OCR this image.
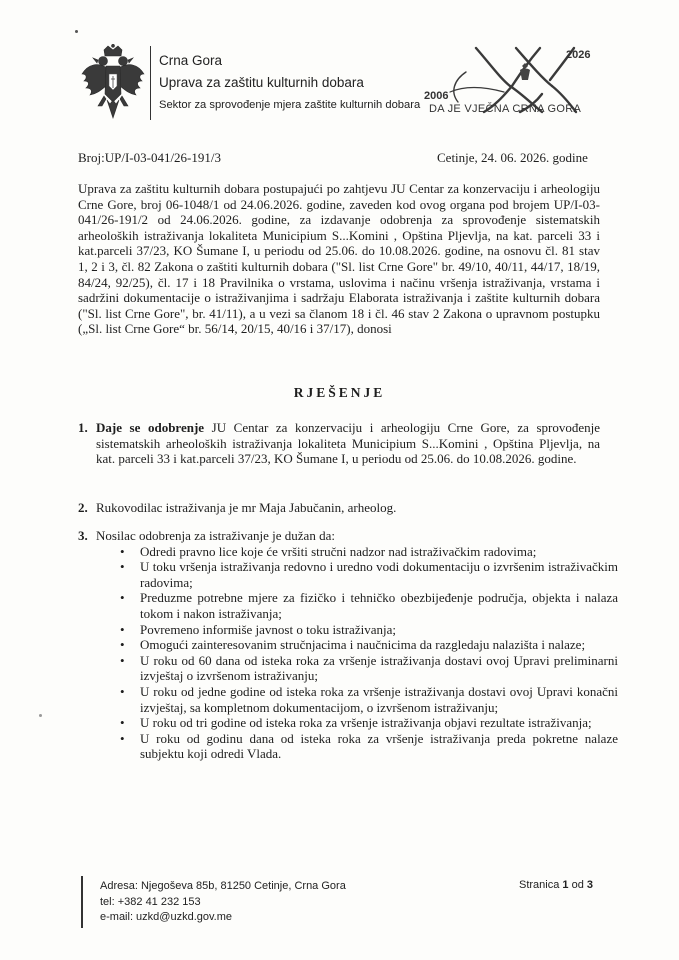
Crna Gora
Uprava za zaštitu kulturnih dobara
Sektor za sprovođenje mjera zaštite kulturnih dobara
2026
2006
DA JE VJEČNA CRNA GORA
Broj:UP/I-03-041/26-191/3	Cetinje, 24. 06. 2026. godine
Uprava za zaštitu kulturnih dobara postupajući po zahtjevu JU Centar za konzervaciju i arheologiju Crne Gore, broj 06-1048/1 od 24.06.2026. godine, zaveden kod ovog organa pod brojem UP/I-03-041/26-191/2 od 24.06.2026. godine, za izdavanje odobrenja za sprovođenje sistematskih arheoloških istraživanja lokaliteta Municipium S...Komini , Opština Pljevlja, na kat. parceli 33 i kat.parceli 37/23, KO Šumane I, u periodu od 25.06. do 10.08.2026. godine, na osnovu čl. 81 stav 1, 2 i 3, čl. 82 Zakona o zaštiti kulturnih dobara ("Sl. list Crne Gore" br. 49/10, 40/11, 44/17, 18/19, 84/24, 92/25), čl. 17 i 18 Pravilnika o vrstama, uslovima i načinu vršenja istraživanja, vrstama i sadržini dokumentacije o istraživanjima i sadržaju Elaborata istraživanja i zaštite kulturnih dobara ("Sl. list Crne Gore", br. 41/11), a u vezi sa članom 18 i čl. 46 stav 2 Zakona o upravnom postupku („Sl. list Crne Gore“ br. 56/14, 20/15, 40/16 i 37/17), donosi
RJEŠENJE
1. Daje se odobrenje JU Centar za konzervaciju i arheologiju Crne Gore, za sprovođenje sistematskih arheoloških istraživanja lokaliteta Municipium S...Komini , Opština Pljevlja, na kat. parceli 33 i kat.parceli 37/23, KO Šumane I, u periodu od 25.06. do 10.08.2026. godine.

2. Rukovodilac istraživanja je mr Maja Jabučanin, arheolog.

3. Nosilac odobrenja za istraživanje je dužan da:

• Odredi pravno lice koje će vršiti stručni nadzor nad istraživačkim radovima;
• U toku vršenja istraživanja redovno i uredno vodi dokumentaciju o izvršenim istraživačkim radovima;
• Preduzme potrebne mjere za fizičko i tehničko obezbijeđenje područja, objekta i nalaza tokom i nakon istraživanja;
• Povremeno informiše javnost o toku istraživanja;
• Omogući zainteresovanim stručnjacima i naučnicima da razgledaju nalazišta i nalaze;
• U roku od 60 dana od isteka roka za vršenje istraživanja dostavi ovoj Upravi preliminarni izvještaj o izvršenom istraživanju;
• U roku od jedne godine od isteka roka za vršenje istraživanja dostavi ovoj Upravi konačni izvještaj, sa kompletnom dokumentacijom, o izvršenom istraživanju;
• U roku od tri godine od isteka roka za vršenje istraživanja objavi rezultate istraživanja;
• U roku od godinu dana od isteka roka za vršenje istraživanja preda pokretne nalaze subjektu koji odredi Vlada.
Adresa: Njegoševa 85b, 81250 Cetinje, Crna Gora
tel: +382 41 232 153
e-mail: uzkd@uzkd.gov.me
Stranica 1 od 3
